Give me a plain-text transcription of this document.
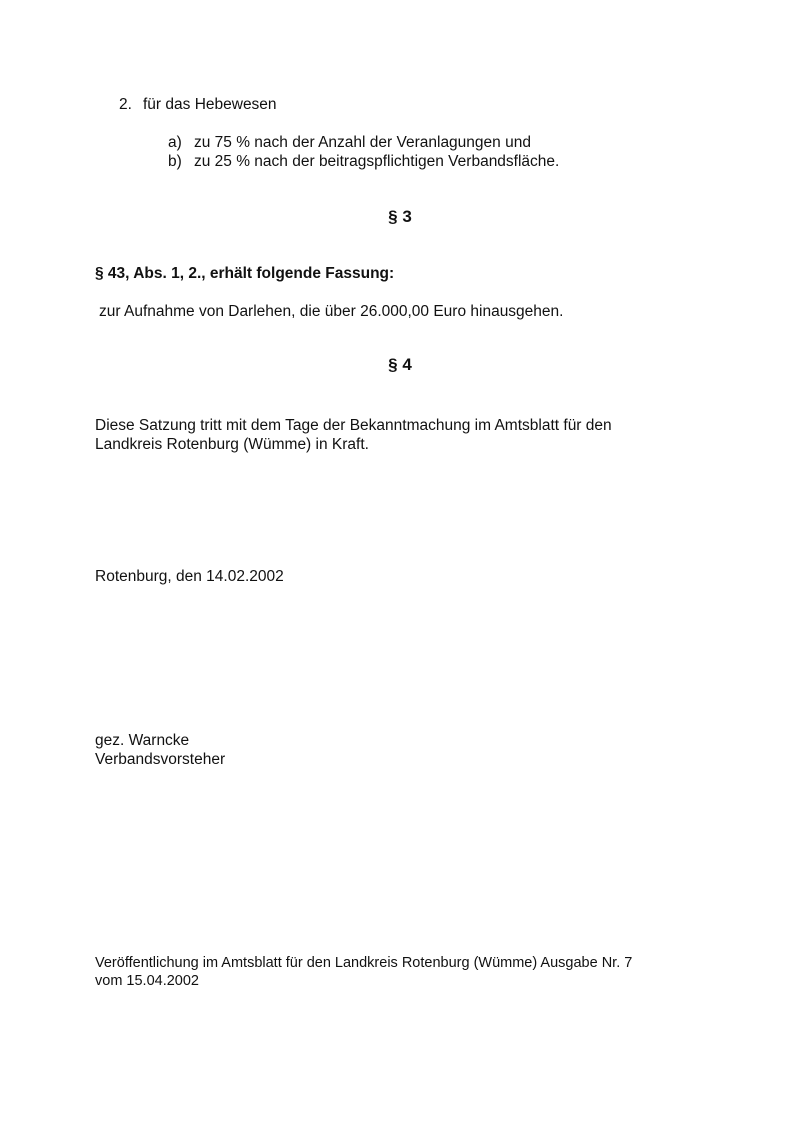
2. für das Hebewesen
a) zu 75 % nach der Anzahl der Veranlagungen und
b) zu 25 % nach der beitragspflichtigen Verbandsfläche.
§ 3
§ 43, Abs. 1, 2., erhält folgende Fassung:
zur Aufnahme von Darlehen, die über 26.000,00 Euro hinausgehen.
§ 4
Diese Satzung tritt mit dem Tage der Bekanntmachung im Amtsblatt für den
Landkreis Rotenburg (Wümme) in Kraft.
Rotenburg, den 14.02.2002
gez. Warncke
Verbandsvorsteher
Veröffentlichung im Amtsblatt für den Landkreis Rotenburg (Wümme) Ausgabe Nr. 7
vom 15.04.2002
